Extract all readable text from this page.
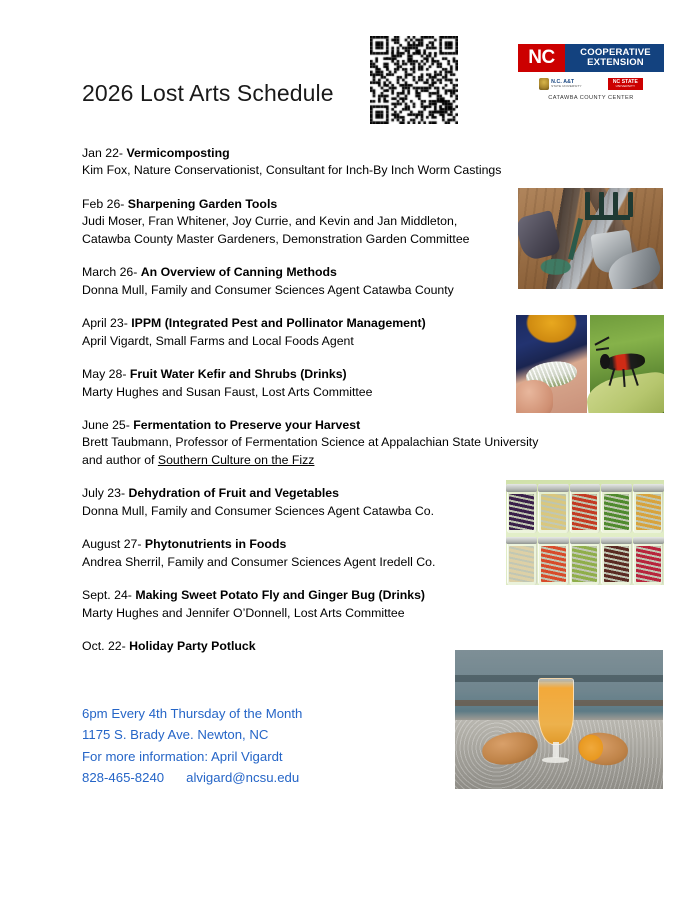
NC	COOPERATIVE
EXTENSION
N.C. A&T
STATE UNIVERSITY
NC STATE
UNIVERSITY
CATAWBA COUNTY CENTER
2026 Lost Arts Schedule
Jan 22- Vermicomposting
Kim Fox, Nature Conservationist, Consultant for Inch-By Inch Worm Castings
Feb 26- Sharpening Garden Tools
Judi Moser, Fran Whitener, Joy Currie, and Kevin and Jan Middleton,
Catawba County Master Gardeners, Demonstration Garden Committee
March 26- An Overview of Canning Methods
Donna Mull, Family and Consumer Sciences Agent Catawba County
April 23- IPPM (Integrated Pest and Pollinator Management)
April Vigardt, Small Farms and Local Foods Agent
May 28- Fruit Water Kefir and Shrubs (Drinks)
Marty Hughes and Susan Faust, Lost Arts Committee
June 25- Fermentation to Preserve your Harvest
Brett Taubmann, Professor of Fermentation Science at Appalachian State University
and author of Southern Culture on the Fizz
July 23- Dehydration of Fruit and Vegetables
Donna Mull, Family and Consumer Sciences Agent Catawba Co.
August 27- Phytonutrients in Foods
Andrea Sherril, Family and Consumer Sciences Agent Iredell Co.
Sept. 24- Making Sweet Potato Fly and Ginger Bug (Drinks)
Marty Hughes and Jennifer O’Donnell, Lost Arts Committee
Oct. 22- Holiday Party Potluck
6pm Every 4th Thursday of the Month
1175 S. Brady Ave. Newton, NC
For more information: April Vigardt
828-465-8240      alvigard@ncsu.edu
